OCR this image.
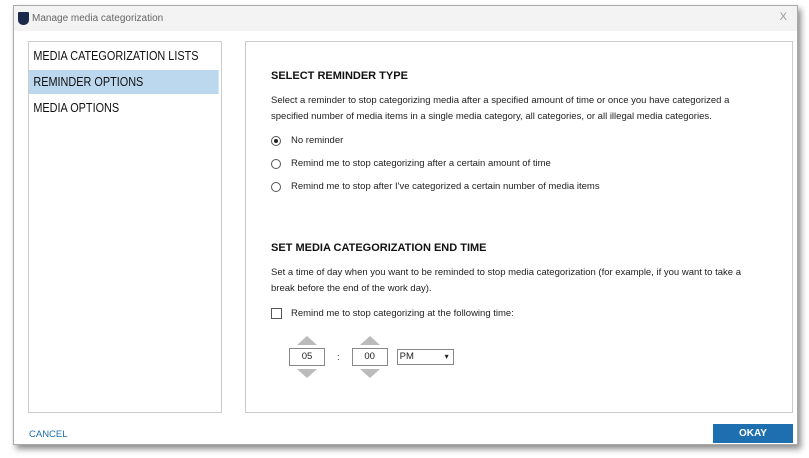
Manage media categorization	X
MEDIA CATEGORIZATION LISTS
REMINDER OPTIONS
MEDIA OPTIONS
SELECT REMINDER TYPE

Select a reminder to stop categorizing media after a specified amount of time or once you have categorized a specified number of media items in a single media category, all categories, or all illegal media categories.

No reminder
Remind me to stop categorizing after a certain amount of time
Remind me to stop after I've categorized a certain number of media items
SET MEDIA CATEGORIZATION END TIME

Set a time of day when you want to be reminded to stop media categorization (for example, if you want to take a break before the end of the work day).

Remind me to stop categorizing at the following time:
05	:	00	PM ▾
CANCEL	OKAY
